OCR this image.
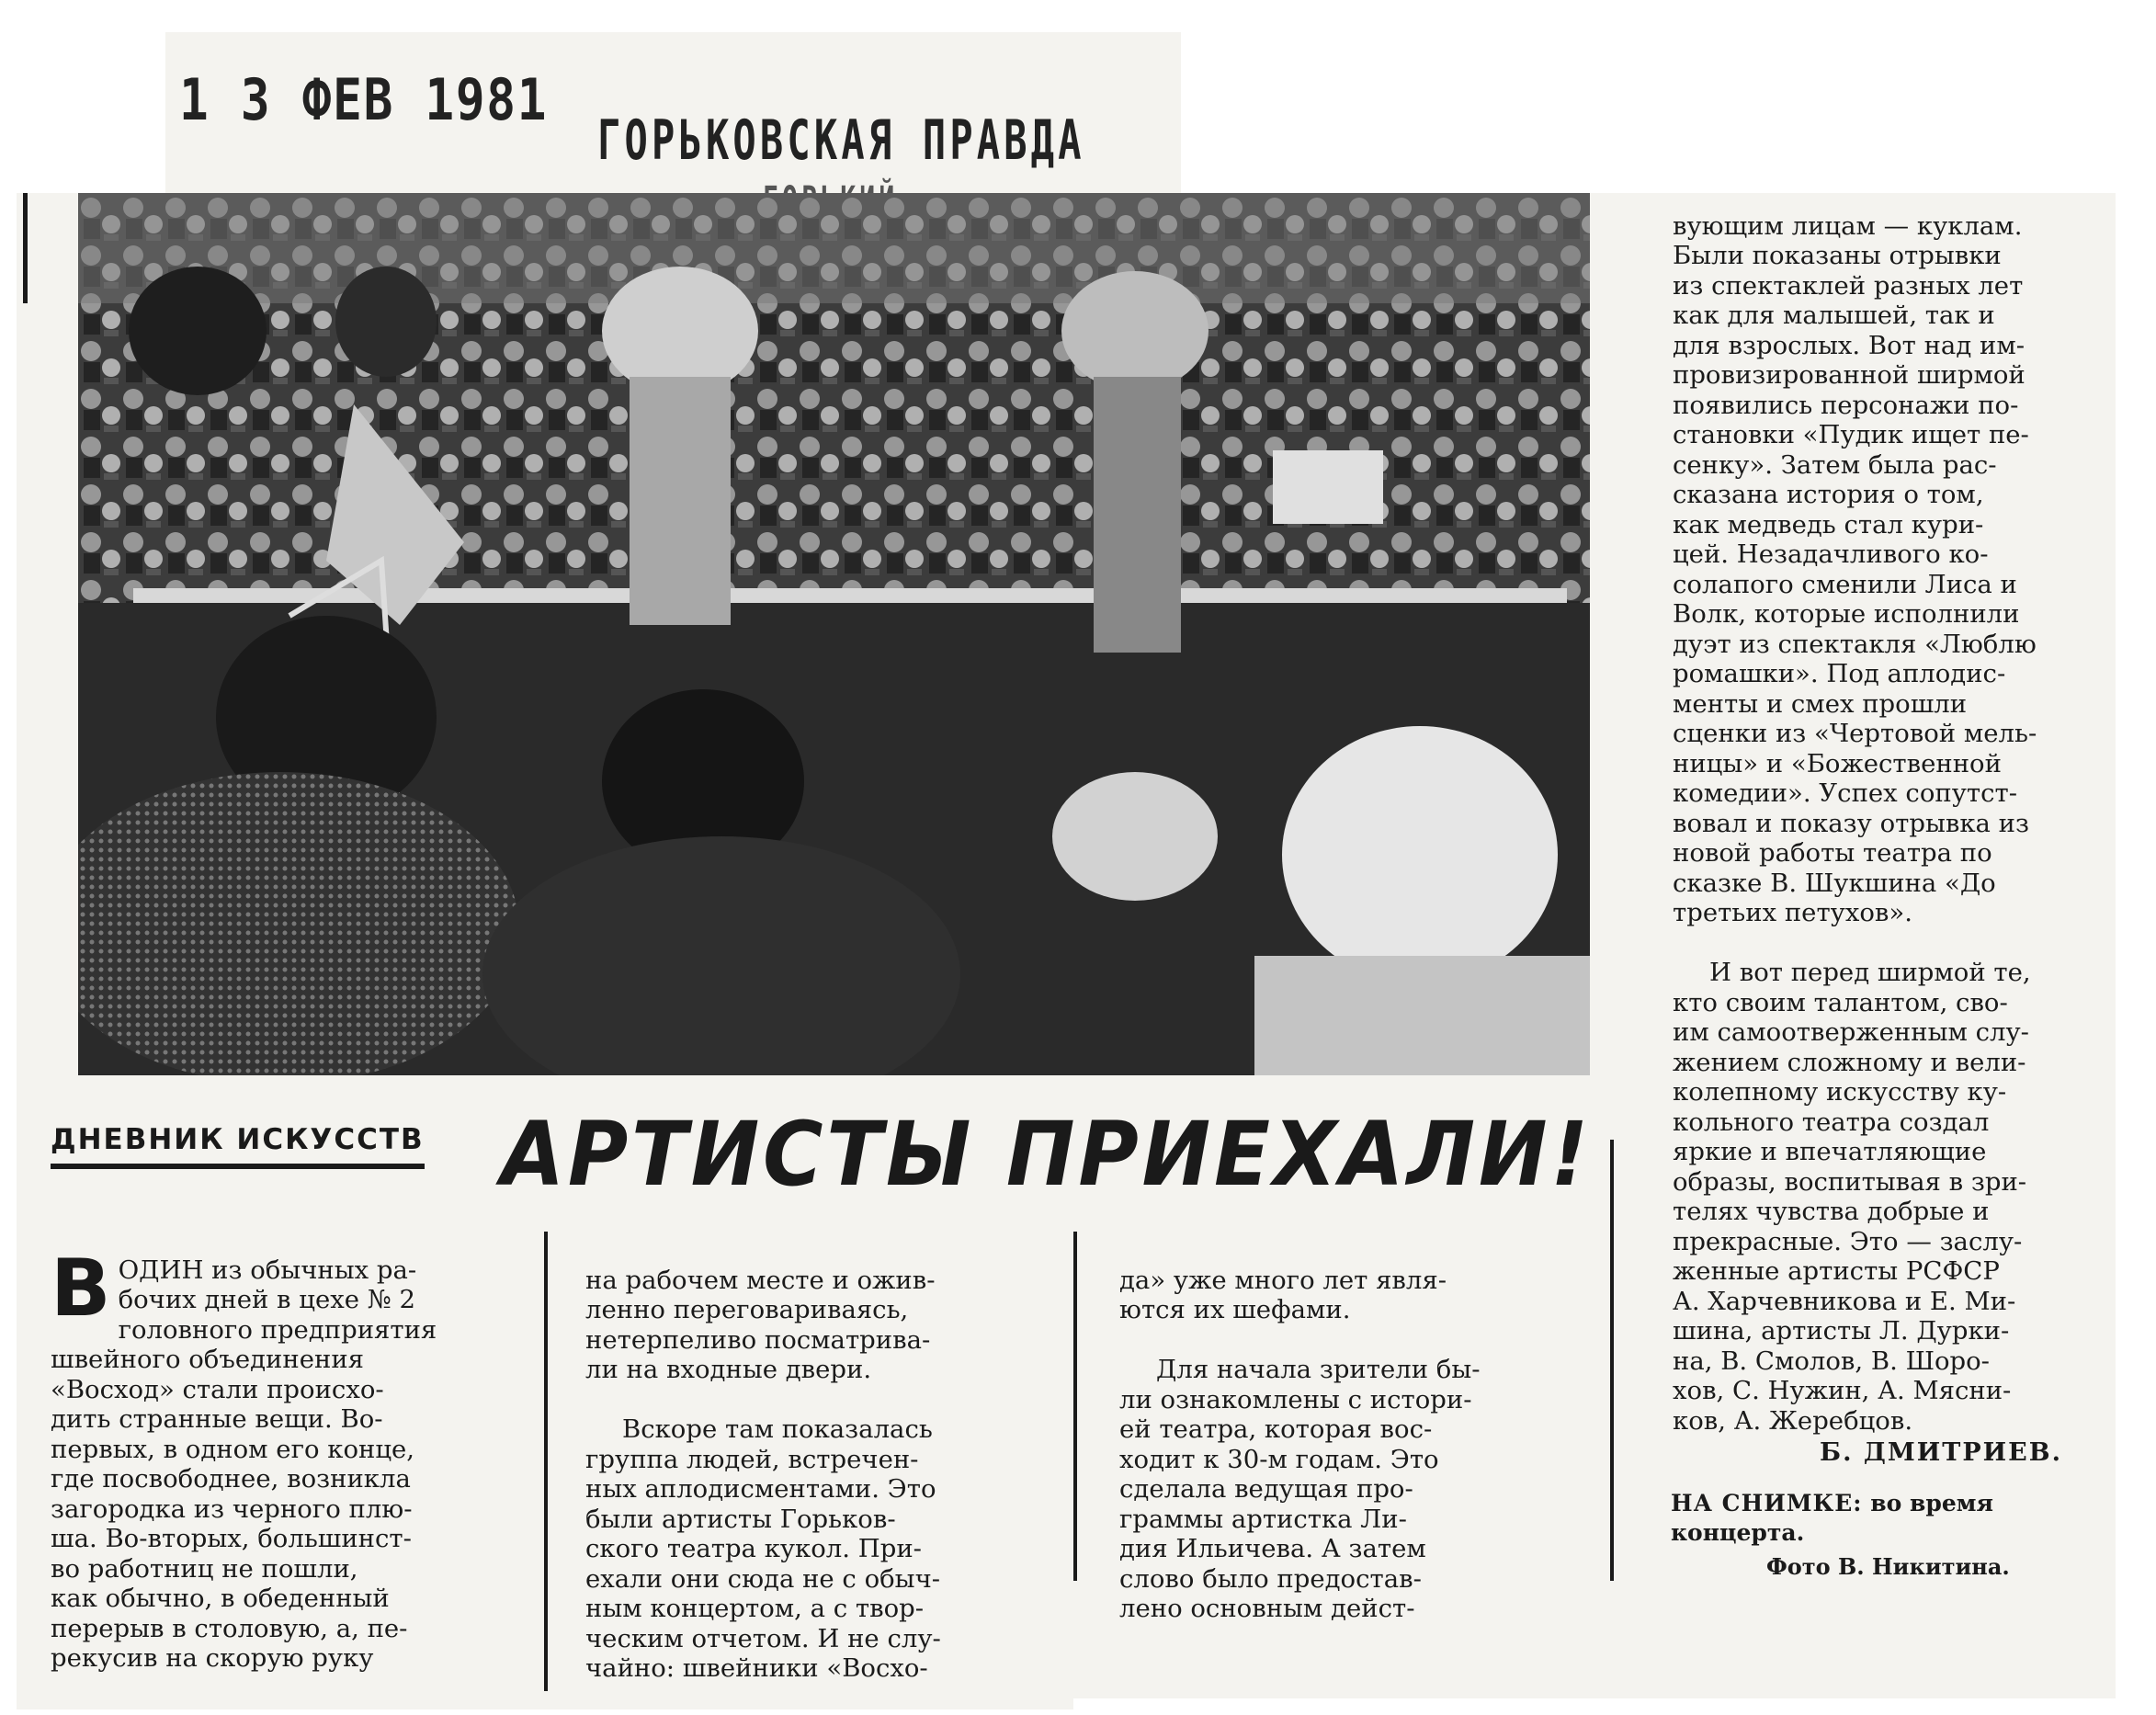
1 3 ФЕВ 1981
ГОРЬКОВСКАЯ ПРАВДА
ДНЕВНИК ИСКУССТВ АРТИСТЫ ПРИЕХАЛИ!

ВОДИН из обычных ра-
бочих дней в цехе № 2
головного предприятия
швейного объединения
«Восход» стали происхо-
дить странные вещи. Во-
первых, в одном его конце,
где посвободнее, возникла
загородка из черного плю-
ша. Во-вторых, большинст-
во работниц не пошли,
как обычно, в обеденный
перерыв в столовую, а, пе-
рекусив на скорую руку

на рабочем месте и ожив-
ленно переговариваясь,
нетерпеливо посматрива-
ли на входные двери.

Вскоре там показалась
группа людей, встречен-
ных аплодисментами. Это
были артисты Горьков-
ского театра кукол. При-
ехали они сюда не с обыч-
ным концертом, а с твор-
ческим отчетом. И не слу-
чайно: швейники «Восхо-

да» уже много лет явля-
ются их шефами.

Для начала зрители бы-
ли ознакомлены с истори-
ей театра, которая вос-
ходит к 30-м годам. Это
сделала ведущая про-
граммы артистка Ли-
дия Ильичева. А затем
слово было предостав-
лено основным дейст-

вующим лицам — куклам.
Были показаны отрывки
из спектаклей разных лет
как для малышей, так и
для взрослых. Вот над им-
провизированной ширмой
появились персонажи по-
становки «Пудик ищет пе-
сенку». Затем была рас-
сказана история о том,
как медведь стал кури-
цей. Незадачливого ко-
солапого сменили Лиса и
Волк, которые исполнили
дуэт из спектакля «Люблю
ромашки». Под аплодис-
менты и смех прошли
сценки из «Чертовой мель-
ницы» и «Божественной
комедии». Успех сопутст-
вовал и показу отрывка из
новой работы театра по
сказке В. Шукшина «До
третьих петухов».

И вот перед ширмой те,
кто своим талантом, сво-
им самоотверженным слу-
жением сложному и вели-
колепному искусству ку-
кольного театра создал
яркие и впечатляющие
образы, воспитывая в зри-
телях чувства добрые и
прекрасные. Это — заслу-
женные артисты РСФСР
А. Харчевникова и Е. Ми-
шина, артисты Л. Дурки-
на, В. Смолов, В. Шоро-
хов, С. Нужин, А. Мясни-
ков, А. Жеребцов.

Б. ДМИТРИЕВ.
НА СНИМКЕ: во время концерта.
Фото В. Никитина.
